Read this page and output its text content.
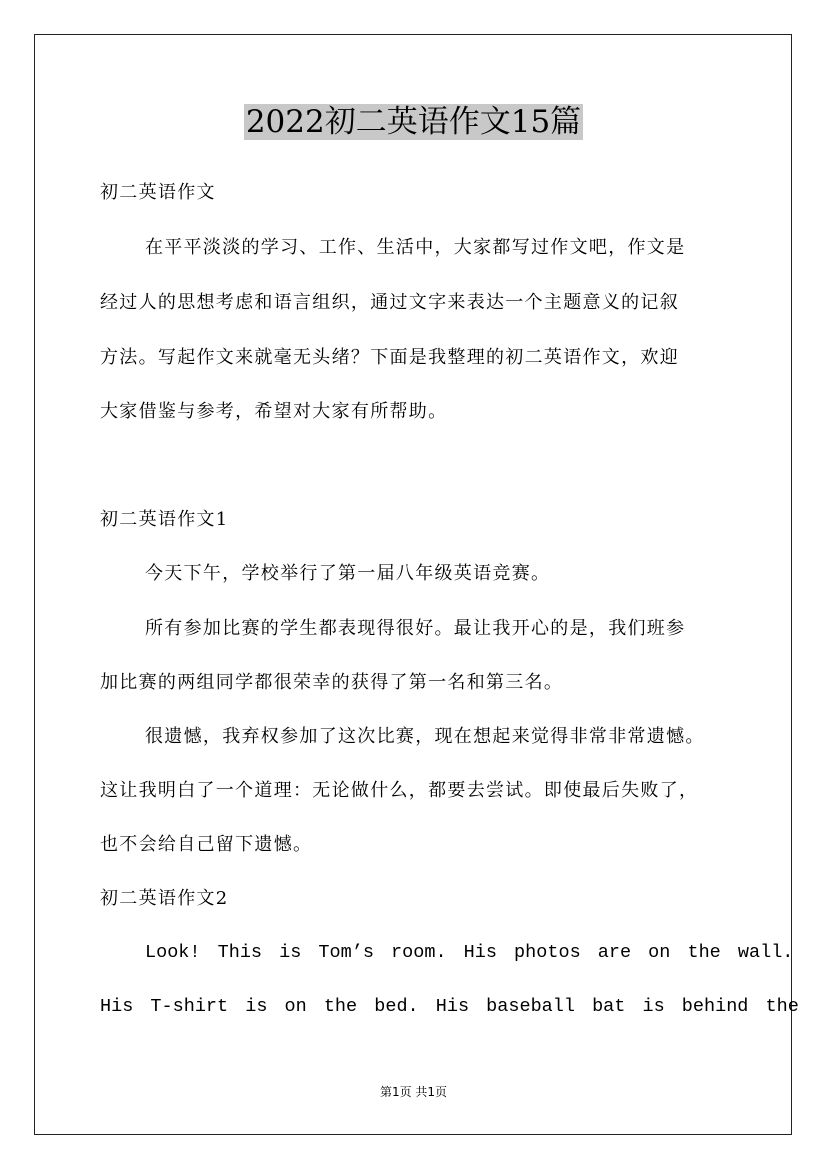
2022初二英语作文15篇
初二英语作文
在平平淡淡的学习、工作、生活中，大家都写过作文吧，作文是
经过人的思想考虑和语言组织，通过文字来表达一个主题意义的记叙
方法。写起作文来就毫无头绪？下面是我整理的初二英语作文，欢迎
大家借鉴与参考，希望对大家有所帮助。
初二英语作文1
今天下午，学校举行了第一届八年级英语竞赛。
所有参加比赛的学生都表现得很好。最让我开心的是，我们班参
加比赛的两组同学都很荣幸的获得了第一名和第三名。
很遗憾，我弃权参加了这次比赛，现在想起来觉得非常非常遗憾。
这让我明白了一个道理：无论做什么，都要去尝试。即使最后失败了，
也不会给自己留下遗憾。
初二英语作文2
Look! This is Tom’s room. His photos are on the wall.
His T-shirt is on the bed. His baseball bat is behind the
第1页 共1页
